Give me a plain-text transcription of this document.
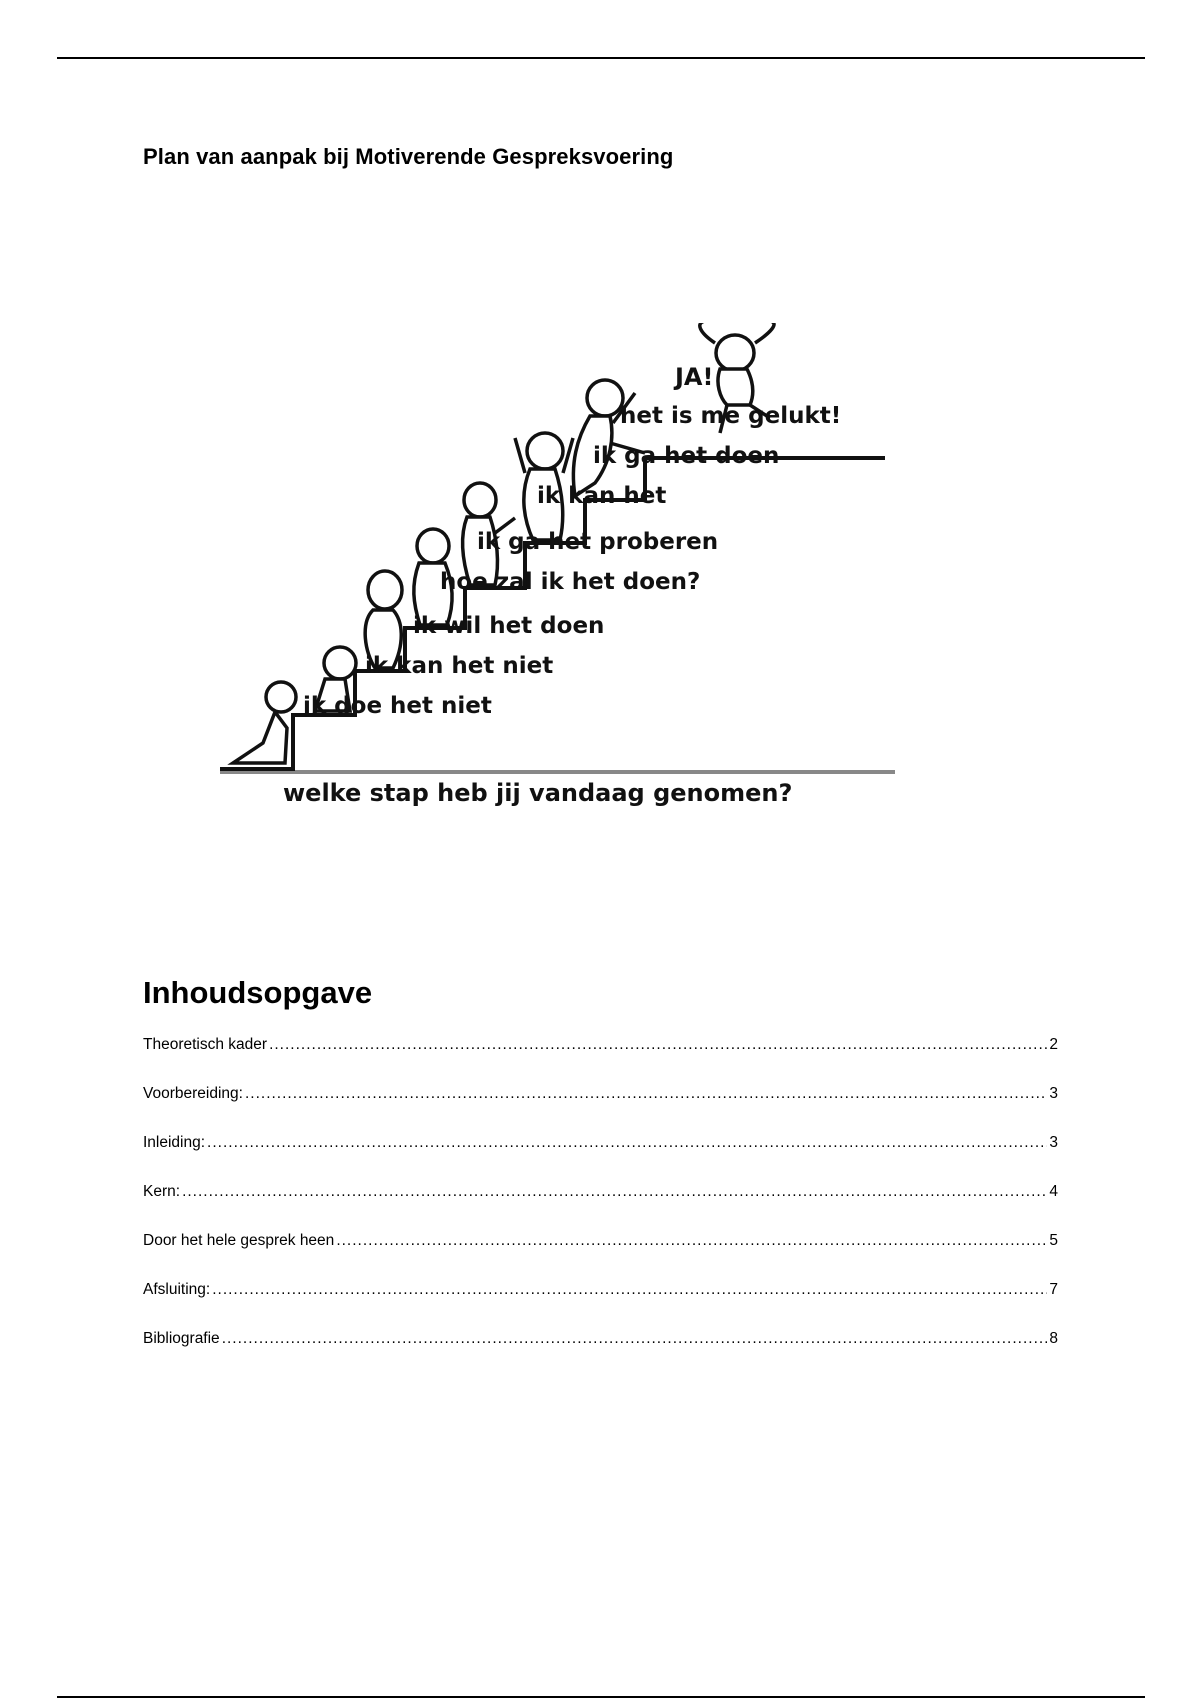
Plan van aanpak bij Motiverende Gespreksvoering
JA!
het is me gelukt!
ik ga het doen
ik kan het
ik ga het proberen
hoe zal ik het doen?
ik wil het doen
ik kan het niet
ik doe het niet
welke stap heb jij vandaag genomen?
Inhoudsopgave
Theoretisch kader .....	2
Voorbereiding: .....	3
Inleiding: .....	3
Kern: .....	4
Door het hele gesprek heen .....	5
Afsluiting: .....	7
Bibliografie .....	8
